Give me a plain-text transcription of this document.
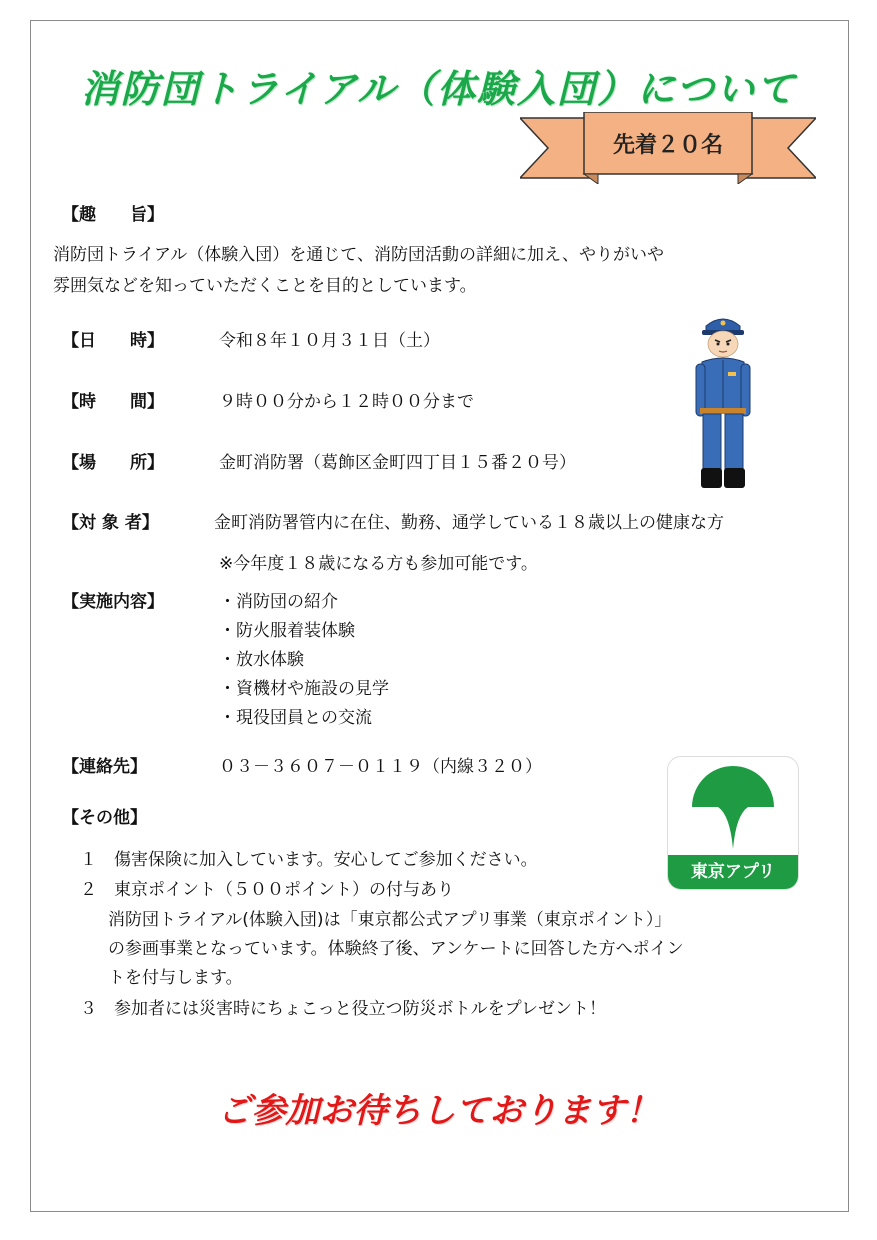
消防団トライアル（体験入団）について
先着２０名
【趣　　旨】
消防団トライアル（体験入団）を通じて、消防団活動の詳細に加え、やりがいや
雰囲気などを知っていただくことを目的としています。
【日　　時】	令和８年１０月３１日（土）
【時　　間】	９時００分から１２時００分まで
【場　　所】	金町消防署（葛飾区金町四丁目１５番２０号）
【対 象 者】	金町消防署管内に在住、勤務、通学している１８歳以上の健康な方
※今年度１８歳になる方も参加可能です。
【実施内容】	・消防団の紹介
・防火服着装体験
・放水体験
・資機材や施設の見学
・現役団員との交流
【連絡先】	０３－３６０７－０１１９（内線３２０）
【その他】
１　傷害保険に加入しています。安心してご参加ください。
２　東京ポイント（５００ポイント）の付与あり
消防団トライアル(体験入団)は「東京都公式アプリ事業（東京ポイント）」
の参画事業となっています。体験終了後、アンケートに回答した方へポイン
トを付与します。
３　参加者には災害時にちょこっと役立つ防災ボトルをプレゼント！
東京アプリ
ご参加お待ちしております！
